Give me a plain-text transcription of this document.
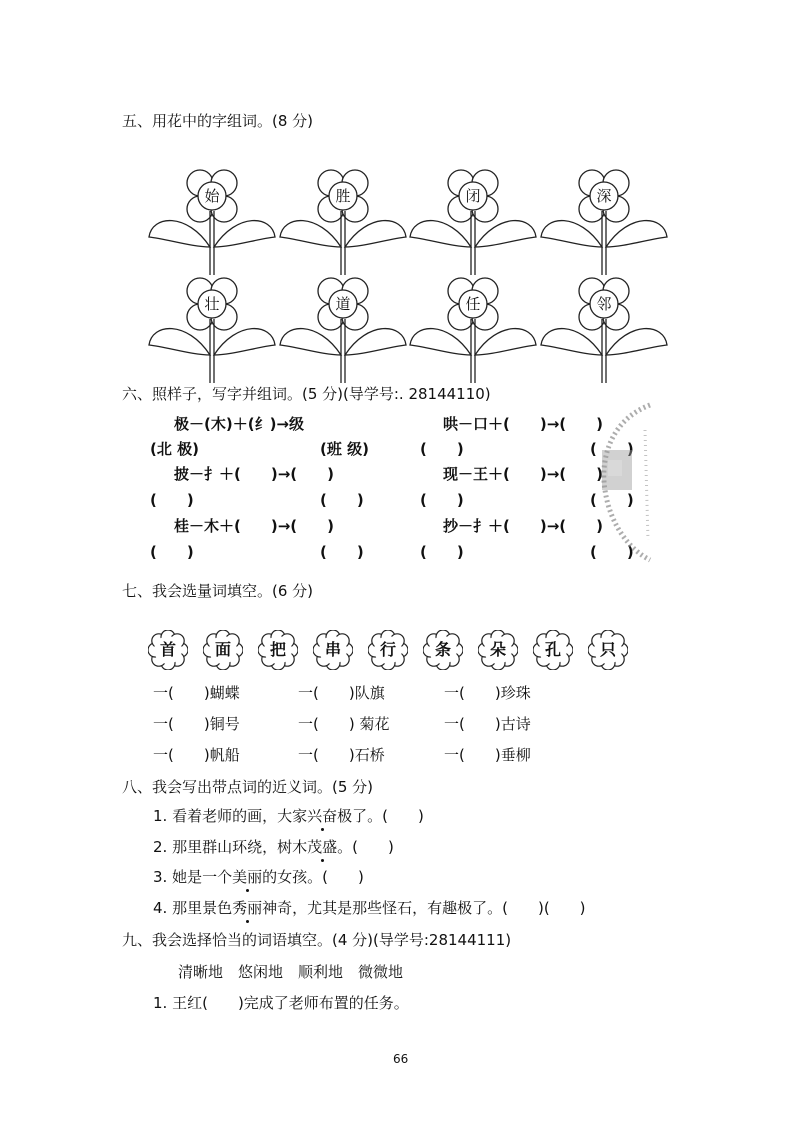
五、用花中的字组词。(8 分)
始	胜	闭	深
壮	道	任	邻
六、照样子，写字并组词。(5 分)(导学号:. 28144110)
极－(木)＋(纟)→级	哄－口＋(　　)→(　　)
(北 极)	(班 级)	(　　)	(　　)
披－扌＋(　　)→(　　)	现－王＋(　　)→(　　)
(　　)	(　　)	(　　)	(　　)
桂－木＋(　　)→(　　)	抄－扌＋(　　)→(　　)
(　　)	(　　)	(　　)	(　　)
七、我会选量词填空。(6 分)
首	面	把	串	行	条	朵	孔	只
一(　　)蝴蝶	一(　　)队旗	一(　　)珍珠
一(　　)铜号	一(　　) 菊花	一(　　)古诗
一(　　)帆船	一(　　)石桥	一(　　)垂柳
八、我会写出带点词的近义词。(5 分)
1. 看着老师的画，大家兴奋极了。(　　)
2. 那里群山环绕，树木茂盛。(　　)
3. 她是一个美丽的女孩。(　　)
4. 那里景色秀丽神奇，尤其是那些怪石，有趣极了。(　　)(　　)
九、我会选择恰当的词语填空。(4 分)(导学号:28144111)
清晰地　悠闲地　顺利地　微微地
1. 王红(　　)完成了老师布置的任务。
66
